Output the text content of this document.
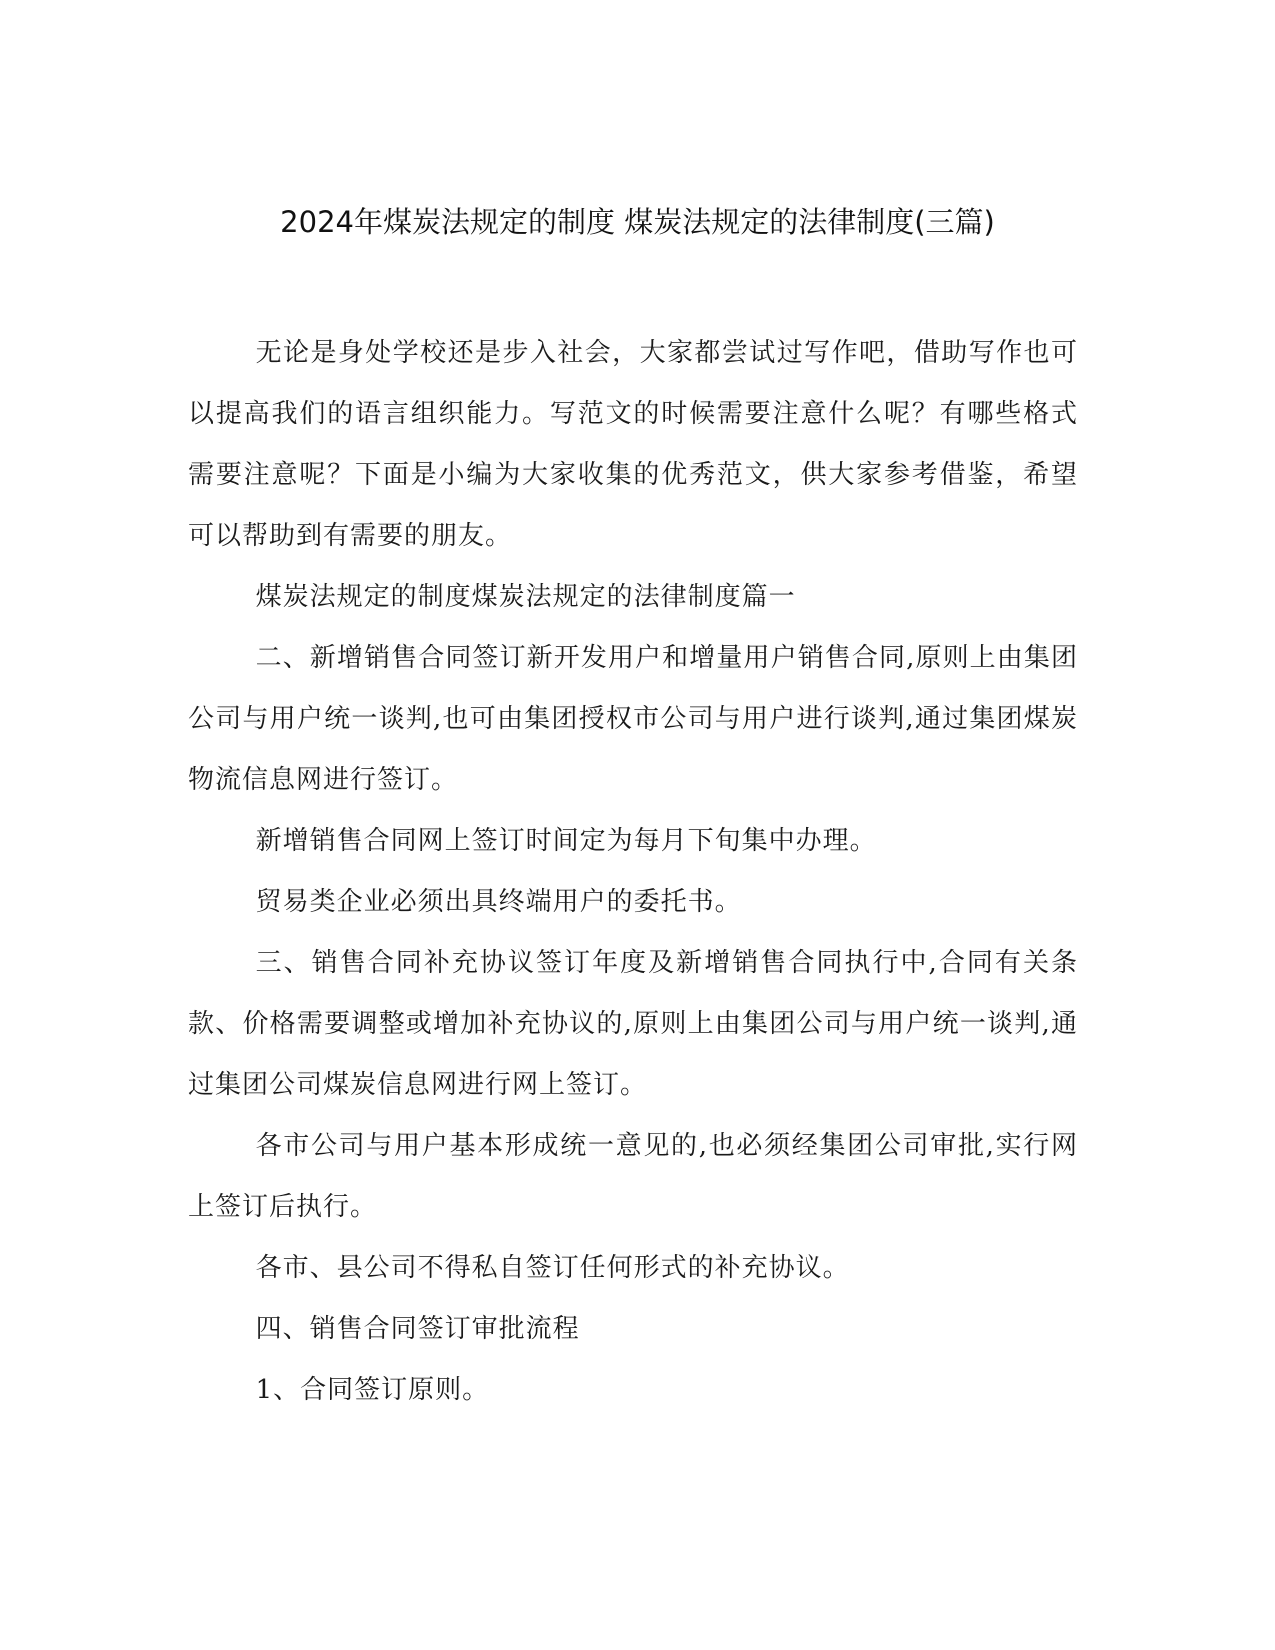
2024年煤炭法规定的制度 煤炭法规定的法律制度(三篇)

无论是身处学校还是步入社会，大家都尝试过写作吧，借助写作也可以提高我们的语言组织能力。写范文的时候需要注意什么呢？有哪些格式需要注意呢？下面是小编为大家收集的优秀范文，供大家参考借鉴，希望可以帮助到有需要的朋友。

煤炭法规定的制度煤炭法规定的法律制度篇一

二、新增销售合同签订新开发用户和增量用户销售合同,原则上由集团公司与用户统一谈判,也可由集团授权市公司与用户进行谈判,通过集团煤炭物流信息网进行签订。

新增销售合同网上签订时间定为每月下旬集中办理。

贸易类企业必须出具终端用户的委托书。

三、销售合同补充协议签订年度及新增销售合同执行中,合同有关条款、价格需要调整或增加补充协议的,原则上由集团公司与用户统一谈判,通过集团公司煤炭信息网进行网上签订。

各市公司与用户基本形成统一意见的,也必须经集团公司审批,实行网上签订后执行。

各市、县公司不得私自签订任何形式的补充协议。

四、销售合同签订审批流程

1、合同签订原则。
